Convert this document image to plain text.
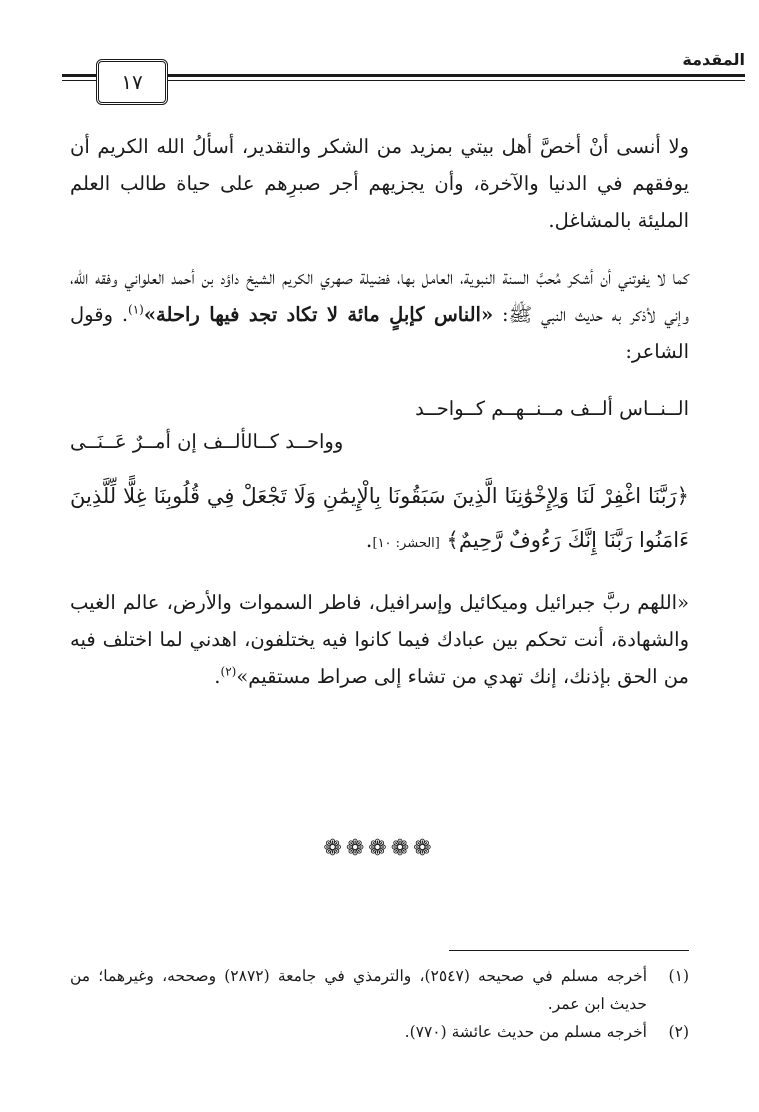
المقدمة
١٧

ولا أنسى أنْ أخصَّ أهل بيتي بمزيد من الشكر والتقدير، أسألُ الله الكريم أن يوفقهم في الدنيا والآخرة، وأن يجزيهم أجر صبرِهم على حياة طالب العلم المليئة بالمشاغل.

كما لا يفوتني أن أشكر مُحبَّ السنة النبوية، العامل بها، فضيلة صهري الكريم الشيخ داؤد بن أحمد العلواني وفقه الله، وإني لأذكر به حديث النبي ﷺ: «الناس كإبلٍ مائة لا تكاد تجد فيها راحلة»$^{(١)}$. وقول الشاعر:

الــنــاس ألــف مــنــهــم كــواحــد
وواحــد كــالألــف إن أمــرٌ عَــنَــى

﴿رَبَّنَا اغْفِرْ لَنَا وَلِإِخْوَٰنِنَا الَّذِينَ سَبَقُونَا بِالْإِيمَٰنِ وَلَا تَجْعَلْ فِي قُلُوبِنَا غِلًّا لِّلَّذِينَ ءَامَنُوا رَبَّنَا إِنَّكَ رَءُوفٌ رَّحِيمٌ﴾ [الحشر: ١٠].

«اللهم ربَّ جبرائيل وميكائيل وإسرافيل، فاطر السموات والأرض، عالم الغيب والشهادة، أنت تحكم بين عبادك فيما كانوا فيه يختلفون، اهدني لما اختلف فيه من الحق بإذنك، إنك تهدي من تشاء إلى صراط مستقيم»$^{(٢)}$.

❁❁❁❁❁
(١)
أخرجه مسلم في صحيحه (٢٥٤٧)، والترمذي في جامعة (٢٨٧٢) وصححه، وغيرهما؛ من حديث ابن عمر.
(٢)
أخرجه مسلم من حديث عائشة (٧٧٠).
